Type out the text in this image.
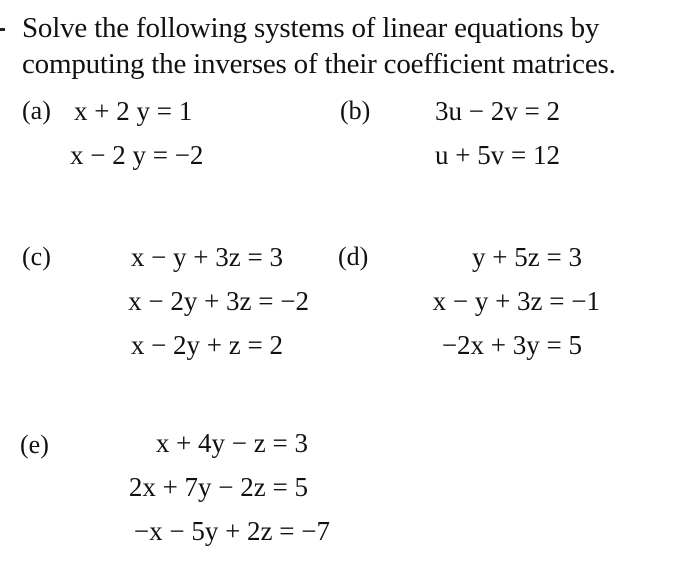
Solve the following systems of linear equations by
computing the inverses of their coefficient matrices.
(a) x + 2 y = 1
x − 2 y = −2
(b)	3u − 2v = 2
u + 5v = 12
(c)	x − y + 3z = 3
x − 2y + 3z = −2
x − 2y + z = 2
(d)	y + 5z = 3
x − y + 3z = −1
−2x + 3y = 5
(e)	x + 4y − z = 3
2x + 7y − 2z = 5
−x − 5y + 2z = −7
